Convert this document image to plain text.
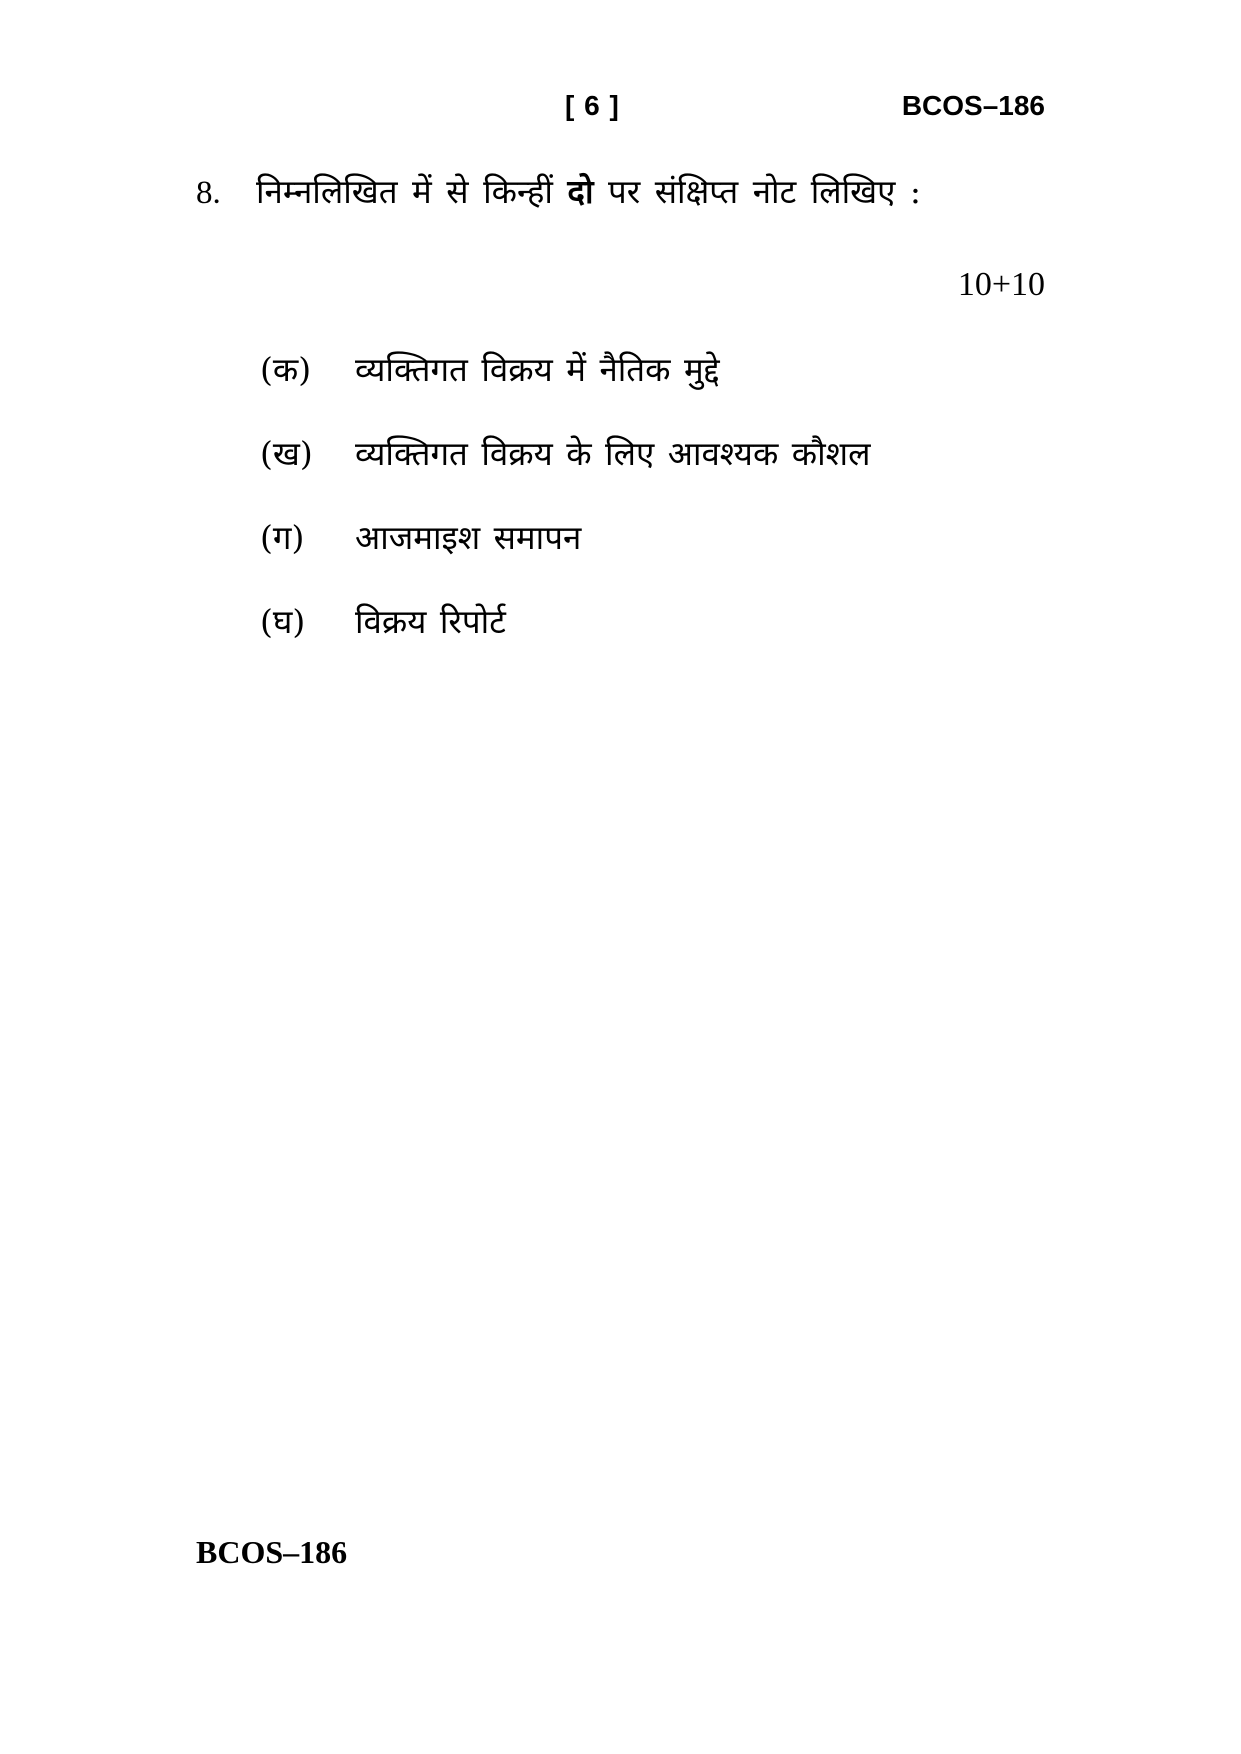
[ 6 ]	BCOS–186
8.	निम्नलिखित में से किन्हीं दो पर संक्षिप्त नोट लिखिए :
10+10
(क)	व्यक्तिगत विक्रय में नैतिक मुद्दे
(ख)	व्यक्तिगत विक्रय के लिए आवश्यक कौशल
(ग)	आजमाइश समापन
(घ)	विक्रय रिपोर्ट
BCOS–186
